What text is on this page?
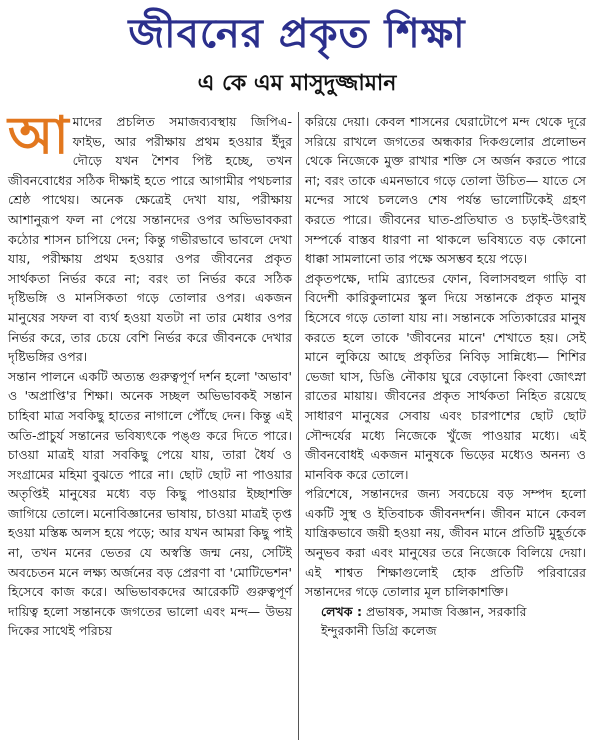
জীবনের প্রকৃত শিক্ষা
এ কে এম মাসুদুজ্জামান

আমাদের প্রচলিত সমাজব্যবস্থায় জিপিএ-ফাইভ, আর পরীক্ষায় প্রথম হওয়ার ইঁদুর দৌড়ে যখন শৈশব পিষ্ট হচ্ছে, তখন জীবনবোধের সঠিক দীক্ষাই হতে পারে আগামীর পথচলার শ্রেষ্ঠ পাথেয়। অনেক ক্ষেত্রেই দেখা যায়, পরীক্ষায় আশানুরূপ ফল না পেয়ে সন্তানদের ওপর অভিভাবকরা কঠোর শাসন চাপিয়ে দেন; কিন্তু গভীরভাবে ভাবলে দেখা যায়, পরীক্ষায় প্রথম হওয়ার ওপর জীবনের প্রকৃত সার্থকতা নির্ভর করে না; বরং তা নির্ভর করে সঠিক দৃষ্টিভঙ্গি ও মানসিকতা গড়ে তোলার ওপর। একজন মানুষের সফল বা ব্যর্থ হওয়া যতটা না তার মেধার ওপর নির্ভর করে, তার চেয়ে বেশি নির্ভর করে জীবনকে দেখার দৃষ্টিভঙ্গির ওপর।

সন্তান পালনে একটি অত্যন্ত গুরুত্বপূর্ণ দর্শন হলো 'অভাব' ও 'অপ্রাপ্তি'র শিক্ষা। অনেক সচ্ছল অভিভাবকই সন্তান চাহিবা মাত্র সবকিছু হাতের নাগালে পৌঁছে দেন। কিন্তু এই অতি-প্রাচুর্য সন্তানের ভবিষ্যৎকে পঙ্গু করে দিতে পারে। চাওয়া মাত্রই যারা সবকিছু পেয়ে যায়, তারা ধৈর্য ও সংগ্রামের মহিমা বুঝতে পারে না। ছোট ছোট না পাওয়ার অতৃপ্তিই মানুষের মধ্যে বড় কিছু পাওয়ার ইচ্ছাশক্তি জাগিয়ে তোলে। মনোবিজ্ঞানের ভাষায়, চাওয়া মাত্রই তৃপ্ত হওয়া মস্তিষ্ক অলস হয়ে পড়ে; আর যখন আমরা কিছু পাই না, তখন মনের ভেতর যে অস্বস্তি জন্ম নেয়, সেটিই অবচেতন মনে লক্ষ্য অর্জনের বড় প্রেরণা বা 'মোটিভেশন' হিসেবে কাজ করে। অভিভাবকদের আরেকটি গুরুত্বপূর্ণ দায়িত্ব হলো সন্তানকে জগতের ভালো এবং মন্দ— উভয় দিকের সাথেই পরিচয়

করিয়ে দেয়া। কেবল শাসনের ঘেরাটোপে মন্দ থেকে দূরে সরিয়ে রাখলে জগতের অন্ধকার দিকগুলোর প্রলোভন থেকে নিজেকে মুক্ত রাখার শক্তি সে অর্জন করতে পারে না; বরং তাকে এমনভাবে গড়ে তোলা উচিত— যাতে সে মন্দের সাথে চললেও শেষ পর্যন্ত ভালোটিকেই গ্রহণ করতে পারে। জীবনের ঘাত-প্রতিঘাত ও চড়াই-উৎরাই সম্পর্কে বাস্তব ধারণা না থাকলে ভবিষ্যতে বড় কোনো ধাক্কা সামলানো তার পক্ষে অসম্ভব হয়ে পড়ে।

প্রকৃতপক্ষে, দামি ব্র্যান্ডের ফোন, বিলাসবহুল গাড়ি বা বিদেশী কারিকুলামের স্কুল দিয়ে সন্তানকে প্রকৃত মানুষ হিসেবে গড়ে তোলা যায় না। সন্তানকে সত্যিকারের মানুষ করতে হলে তাকে 'জীবনের মানে' শেখাতে হয়। সেই মানে লুকিয়ে আছে প্রকৃতির নিবিড় সান্নিধ্যে— শিশির ভেজা ঘাস, ডিঙি নৌকায় ঘুরে বেড়ানো কিংবা জোৎস্না রাতের মায়ায়। জীবনের প্রকৃত সার্থকতা নিহিত রয়েছে সাধারণ মানুষের সেবায় এবং চারপাশের ছোট ছোট সৌন্দর্যের মধ্যে নিজেকে খুঁজে পাওয়ার মধ্যে। এই জীবনবোধই একজন মানুষকে ভিড়ের মধ্যেও অনন্য ও মানবিক করে তোলে।

পরিশেষে, সন্তানদের জন্য সবচেয়ে বড় সম্পদ হলো একটি সুস্থ ও ইতিবাচক জীবনদর্শন। জীবন মানে কেবল যান্ত্রিকভাবে জয়ী হওয়া নয়, জীবন মানে প্রতিটি মুহূর্তকে অনুভব করা এবং মানুষের তরে নিজেকে বিলিয়ে দেয়া। এই শাশ্বত শিক্ষাগুলোই হোক প্রতিটি পরিবারের সন্তানদের গড়ে তোলার মূল চালিকাশক্তি।

লেখক : প্রভাষক, সমাজ বিজ্ঞান, সরকারি
ইন্দুরকানী ডিগ্রি কলেজ
